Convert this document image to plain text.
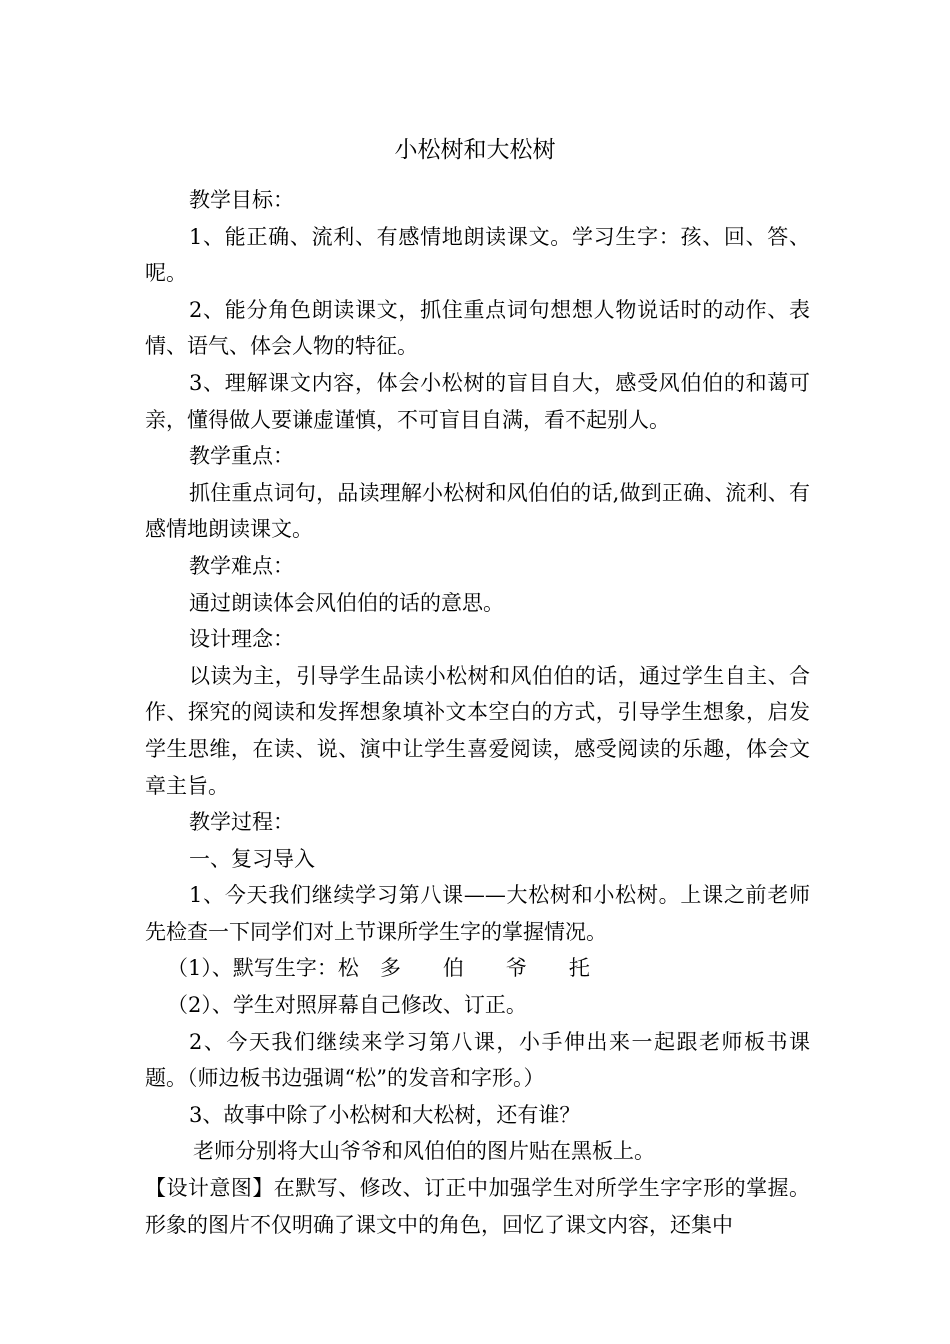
小松树和大松树

教学目标：

1、能正确、流利、有感情地朗读课文。学习生字：孩、回、答、呢。

2、能分角色朗读课文，抓住重点词句想想人物说话时的动作、表情、语气、体会人物的特征。

3、理解课文内容，体会小松树的盲目自大，感受风伯伯的和蔼可亲，懂得做人要谦虚谨慎，不可盲目自满，看不起别人。

教学重点：

抓住重点词句，品读理解小松树和风伯伯的话,做到正确、流利、有感情地朗读课文。

教学难点：

通过朗读体会风伯伯的话的意思。

设计理念：

以读为主，引导学生品读小松树和风伯伯的话，通过学生自主、合作、探究的阅读和发挥想象填补文本空白的方式，引导学生想象，启发学生思维，在读、说、演中让学生喜爱阅读，感受阅读的乐趣，体会文章主旨。

教学过程：

一、复习导入

1、今天我们继续学习第八课——大松树和小松树。上课之前老师先检查一下同学们对上节课所学生字的掌握情况。

（1）、默写生字：松　多　　伯　　爷　　托

（2）、学生对照屏幕自己修改、订正。

2、今天我们继续来学习第八课，小手伸出来一起跟老师板书课题。（师边板书边强调“松”的发音和字形。）

3、故事中除了小松树和大松树，还有谁？

老师分别将大山爷爷和风伯伯的图片贴在黑板上。

【设计意图】在默写、修改、订正中加强学生对所学生字字形的掌握。形象的图片不仅明确了课文中的角色，回忆了课文内容，还集中
